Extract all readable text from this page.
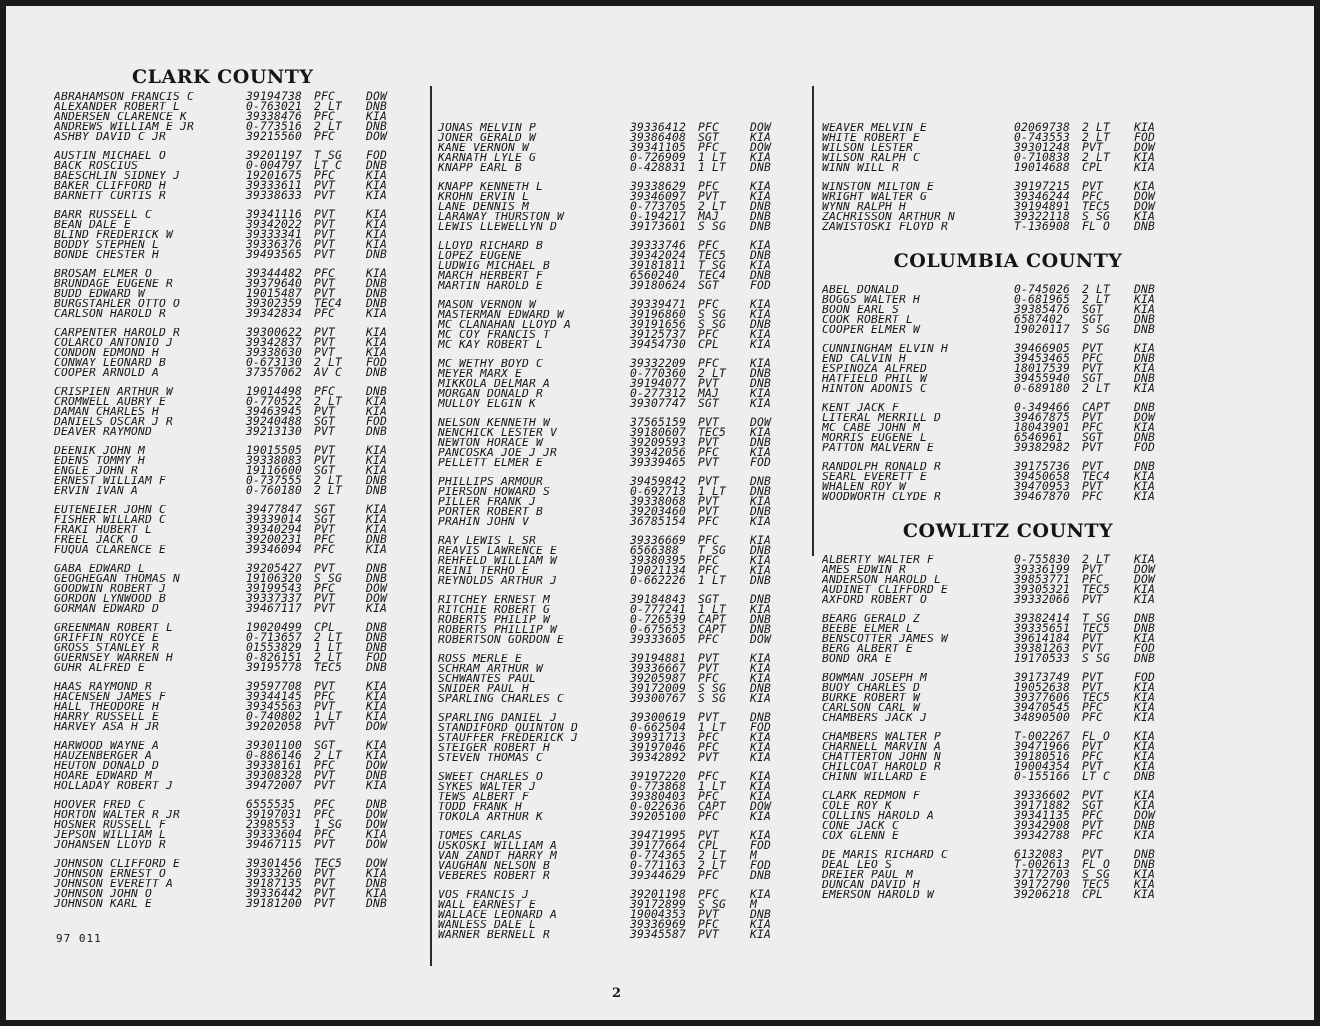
CLARK COUNTY
ABRAHAMSON FRANCIS C	39194738	PFC	DOW
ALEXANDER ROBERT L	0-763021	2 LT	DNB
ANDERSEN CLARENCE K	39338476	PFC	KIA
ANDREWS WILLIAM E JR	0-773516	2 LT	DNB
ASHBY DAVID C JR	39215560	PFC	DOW
AUSTIN MICHAEL O	39201197	T SG	FOD
BACK ROSCIUS	0-004797	LT C	DNB
BAESCHLIN SIDNEY J	19201675	PFC	KIA
BAKER CLIFFORD H	39333611	PVT	KIA
BARNETT CURTIS R	39338633	PVT	KIA
BARR RUSSELL C	39341116	PVT	KIA
BEAN DALE E	39342022	PVT	KIA
BLIND FREDERICK W	39333341	PVT	KIA
BODDY STEPHEN L	39336376	PVT	KIA
BONDE CHESTER H	39493565	PVT	DNB
BROSAM ELMER O	39344482	PFC	KIA
BRUNDAGE EUGENE R	39379640	PVT	DNB
BUDD EDWARD W	19015487	PVT	DNB
BURGSTAHLER OTTO O	39302359	TEC4	DNB
CARLSON HAROLD R	39342834	PFC	KIA
CARPENTER HAROLD R	39300622	PVT	KIA
COLARCO ANTONIO J	39342837	PVT	KIA
CONDON EDMOND H	39338630	PVT	KIA
CONWAY LEONARD B	0-673130	2 LT	FOD
COOPER ARNOLD A	37357062	AV C	DNB
CRISPIEN ARTHUR W	19014498	PFC	DNB
CROMWELL AUBRY E	0-770522	2 LT	KIA
DAMAN CHARLES H	39463945	PVT	KIA
DANIELS OSCAR J R	39240488	SGT	FOD
DEAVER RAYMOND	39213130	PVT	DNB
DEENIK JOHN M	19015505	PVT	KIA
EDENS TOMMY H	39338083	PVT	KIA
ENGLE JOHN R	19116600	SGT	KIA
ERNEST WILLIAM F	0-737555	2 LT	DNB
ERVIN IVAN A	0-760180	2 LT	DNB
EUTENEIER JOHN C	39477847	SGT	KIA
FISHER WILLARD C	39339014	SGT	KIA
FRAKI HUBERT L	39340294	PVT	KIA
FREEL JACK O	39200231	PFC	DNB
FUQUA CLARENCE E	39346094	PFC	KIA
GABA EDWARD L	39205427	PVT	DNB
GEOGHEGAN THOMAS N	19106320	S SG	DNB
GOODWIN ROBERT J	39199543	PFC	DOW
GORDON LYNWOOD B	39337337	PVT	DOW
GORMAN EDWARD D	39467117	PVT	KIA
GREENMAN ROBERT L	19020499	CPL	DNB
GRIFFIN ROYCE E	0-713657	2 LT	DNB
GROSS STANLEY R	01553829	1 LT	DNB
GUERNSEY WARREN H	0-826151	2 LT	FOD
GUHR ALFRED E	39195778	TEC5	DNB
HAAS RAYMOND R	39597708	PVT	KIA
HACENSEN JAMES F	39344145	PFC	KIA
HALL THEODORE H	39345563	PVT	KIA
HARRY RUSSELL E	0-740802	1 LT	KIA
HARVEY ASA H JR	39202058	PVT	DOW
HARWOOD WAYNE A	39301100	SGT	KIA
HAUZENBERGER A	0-886146	2 LT	KIA
HEUTON DONALD D	39338161	PFC	DOW
HOARE EDWARD M	39308328	PVT	DNB
HOLLADAY ROBERT J	39472007	PVT	KIA
HOOVER FRED C	6555535	PFC	DNB
HORTON WALTER R JR	39197031	PFC	DOW
HOSNER RUSSELL F	2398553	1 SG	DOW
JEPSON WILLIAM L	39333604	PFC	KIA
JOHANSEN LLOYD R	39467115	PVT	DOW
JOHNSON CLIFFORD E	39301456	TEC5	DOW
JOHNSON ERNEST O	39333260	PVT	KIA
JOHNSON EVERETT A	39187135	PVT	DNB
JOHNSON JOHN O	39336442	PVT	KIA
JOHNSON KARL E	39181200	PVT	DNB
JONAS MELVIN P	39336412	PFC	DOW
JONER GERALD W	39386408	SGT	KIA
KANE VERNON W	39341105	PFC	DOW
KARNATH LYLE G	0-726909	1 LT	KIA
KNAPP EARL B	0-428831	1 LT	DNB
KNAPP KENNETH L	39338629	PFC	KIA
KROHN ERVIN L	39346097	PVT	KIA
LANE DENNIS M	0-773705	2 LT	DNB
LARAWAY THURSTON W	0-194217	MAJ	DNB
LEWIS LLEWELLYN D	39173601	S SG	DNB
LLOYD RICHARD B	39333746	PFC	KIA
LOPEZ EUGENE	39342024	TEC5	DNB
LUDWIG MICHAEL B	39181811	T SG	KIA
MARCH HERBERT F	6560240	TEC4	DNB
MARTIN HAROLD E	39180624	SGT	FOD
MASON VERNON W	39339471	PFC	KIA
MASTERMAN EDWARD W	39196860	S SG	KIA
MC CLANAHAN LLOYD A	39191656	S SG	DNB
MC COY FRANCIS T	39125737	PFC	KIA
MC KAY ROBERT L	39454730	CPL	KIA
MC WETHY BOYD C	39332209	PFC	KIA
MEYER MARX E	0-770360	2 LT	DNB
MIKKOLA DELMAR A	39194077	PVT	DNB
MORGAN DONALD R	0-277312	MAJ	KIA
MULLOY ELGIN K	39307747	SGT	KIA
NELSON KENNETH W	37565159	PVT	DOW
NENCHICK LESTER V	39180607	TEC5	KIA
NEWTON HORACE W	39209593	PVT	DNB
PANCOSKA JOE J JR	39342056	PFC	KIA
PELLETT ELMER E	39339465	PVT	FOD
PHILLIPS ARMOUR	39459842	PVT	DNB
PIERSON HOWARD S	0-692713	1 LT	DNB
PILLER FRANK J	39338068	PVT	KIA
PORTER ROBERT B	39203460	PVT	DNB
PRAHIN JOHN V	36785154	PFC	KIA
RAY LEWIS L SR	39336669	PFC	KIA
REAVIS LAWRENCE E	6566388	T SG	DNB
REHFELD WILLIAM W	39380395	PFC	KIA
REINI TERHO E	19021134	PFC	KIA
REYNOLDS ARTHUR J	0-662226	1 LT	DNB
RITCHEY ERNEST M	39184843	SGT	DNB
RITCHIE ROBERT G	0-777241	1 LT	KIA
ROBERTS PHILIP W	0-726539	CAPT	DNB
ROBERTS PHILLIP W	0-675653	CAPT	DNB
ROBERTSON GORDON E	39333605	PFC	DOW
ROSS MERLE E	39194881	PVT	KIA
SCHRAM ARTHUR W	39336667	PVT	KIA
SCHWANTES PAUL	39205987	PFC	KIA
SNIDER PAUL H	39172009	S SG	DNB
SPARLING CHARLES C	39300767	S SG	KIA
SPARLING DANIEL J	39300619	PVT	DNB
STANDIFORD QUINTON D	0-662504	1 LT	FOD
STAUFFER FREDERICK J	39931713	PFC	KIA
STEIGER ROBERT H	39197046	PFC	KIA
STEVEN THOMAS C	39342892	PVT	KIA
SWEET CHARLES O	39197220	PFC	KIA
SYKES WALTER J	0-773868	1 LT	KIA
TEWS ALBERT F	39380403	PFC	KIA
TODD FRANK H	0-022636	CAPT	DOW
TOKOLA ARTHUR K	39205100	PFC	KIA
TOMES CARLAS	39471995	PVT	KIA
USKOSKI WILLIAM A	39177664	CPL	FOD
VAN ZANDT HARRY M	0-774365	2 LT	M
VAUGHAN NELSON B	0-771163	2 LT	FOD
VEBERES ROBERT R	39344629	PFC	DNB
VOS FRANCIS J	39201198	PFC	KIA
WALL EARNEST E	39172899	S SG	M
WALLACE LEONARD A	19004353	PVT	DNB
WANLESS DALE L	39336969	PFC	KIA
WARNER BERNELL R	39345587	PVT	KIA
WEAVER MELVIN E	02069738	2 LT	KIA
WHITE ROBERT E	0-743553	2 LT	FOD
WILSON LESTER	39301248	PVT	DOW
WILSON RALPH C	0-710838	2 LT	KIA
WINN WILL R	19014688	CPL	KIA
WINSTON MILTON E	39197215	PVT	KIA
WRIGHT WALTER G	39346244	PFC	DOW
WYNN RALPH H	39194891	TEC5	DOW
ZACHRISSON ARTHUR N	39322118	S SG	KIA
ZAWISTOSKI FLOYD R	T-136908	FL O	DNB
COLUMBIA COUNTY
ABEL DONALD	0-745026	2 LT	DNB
BOGGS WALTER H	0-681965	2 LT	KIA
BOON EARL S	39385476	SGT	KIA
COOK ROBERT L	6587402	SGT	DNB
COOPER ELMER W	19020117	S SG	DNB
CUNNINGHAM ELVIN H	39466905	PVT	KIA
END CALVIN H	39453465	PFC	DNB
ESPINOZA ALFRED	18017539	PVT	KIA
HATFIELD PHIL W	39455940	SGT	DNB
HINTON ADONIS C	0-689180	2 LT	KIA
KENT JACK F	0-349466	CAPT	DNB
LITERAL MERRILL D	39467875	PVT	DOW
MC CABE JOHN M	18043901	PFC	KIA
MORRIS EUGENE L	6546961	SGT	DNB
PATTON MALVERN E	39382982	PVT	FOD
RANDOLPH RONALD R	39175736	PVT	DNB
SEARL EVERETT E	39450658	TEC4	KIA
WHALEN ROY W	39470953	PVT	KIA
WOODWORTH CLYDE R	39467870	PFC	KIA
COWLITZ COUNTY
ALBERTY WALTER F	0-755830	2 LT	KIA
AMES EDWIN R	39336199	PVT	DOW
ANDERSON HAROLD L	39853771	PFC	DOW
AUDINET CLIFFORD E	39305321	TEC5	KIA
AXFORD ROBERT O	39332066	PVT	KIA
BEARG GERALD Z	39382414	T SG	DNB
BEEBE ELMER L	39335651	TEC5	DNB
BENSCOTTER JAMES W	39614184	PVT	KIA
BERG ALBERT E	39381263	PVT	FOD
BOND ORA E	19170533	S SG	DNB
BOWMAN JOSEPH M	39173749	PVT	FOD
BUOY CHARLES D	19052638	PVT	KIA
BURKE ROBERT W	39377606	TEC5	KIA
CARLSON CARL W	39470545	PFC	KIA
CHAMBERS JACK J	34890500	PFC	KIA
CHAMBERS WALTER P	T-002267	FL O	KIA
CHARNELL MARVIN A	39471966	PVT	KIA
CHATTERTON JOHN N	39180516	PFC	KIA
CHILCOAT HAROLD R	19004354	PVT	KIA
CHINN WILLARD E	0-155166	LT C	DNB
CLARK REDMON F	39336602	PVT	KIA
COLE ROY K	39171882	SGT	KIA
COLLINS HAROLD A	39341135	PFC	DOW
CONE JACK C	39342908	PVT	DNB
COX GLENN E	39342788	PFC	KIA
DE MARIS RICHARD C	6132083	PVT	DNB
DEAL LEO S	T-002613	FL O	DNB
DREIER PAUL M	37172703	S SG	KIA
DUNCAN DAVID H	39172790	TEC5	KIA
EMERSON HAROLD W	39206218	CPL	KIA
97 011
2
